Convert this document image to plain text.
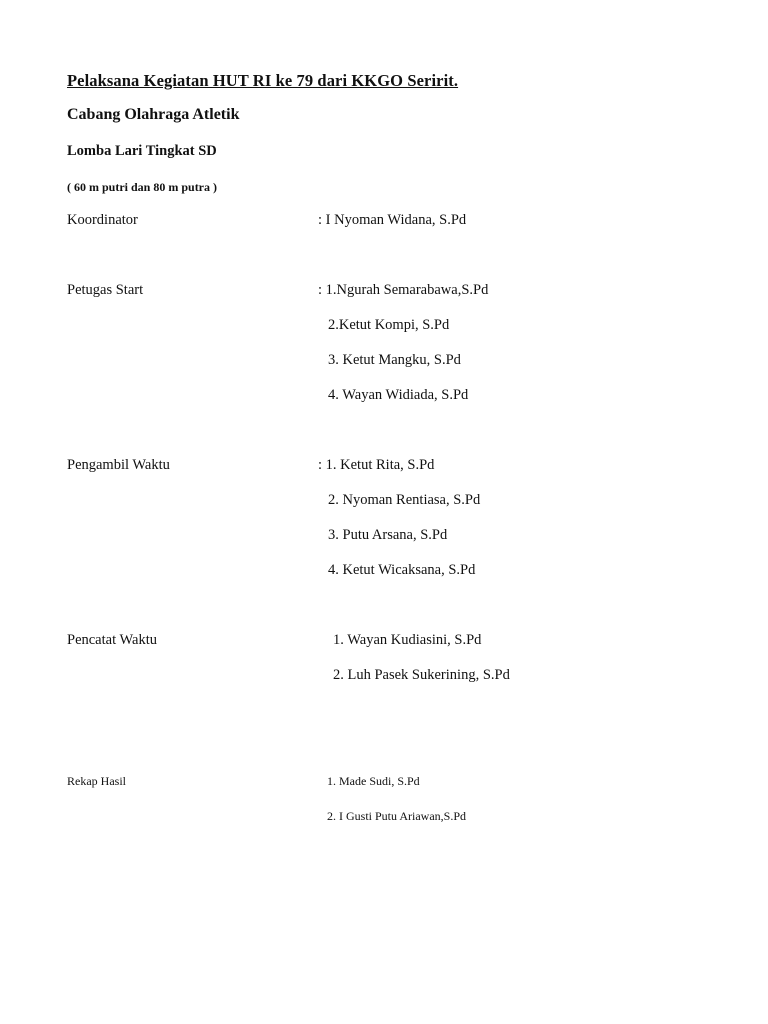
Pelaksana Kegiatan HUT RI ke 79 dari KKGO Seririt.
Cabang Olahraga Atletik
Lomba Lari Tingkat SD
( 60 m putri dan 80 m putra )
Koordinator	: I Nyoman Widana, S.Pd
Petugas Start	: 1.Ngurah Semarabawa,S.Pd
2.Ketut Kompi, S.Pd
3. Ketut Mangku, S.Pd
4. Wayan Widiada, S.Pd
Pengambil Waktu	: 1. Ketut Rita, S.Pd
2. Nyoman Rentiasa, S.Pd
3. Putu Arsana, S.Pd
4. Ketut Wicaksana, S.Pd
Pencatat Waktu	1. Wayan Kudiasini, S.Pd
2. Luh Pasek Sukerining, S.Pd
Rekap Hasil	1. Made Sudi, S.Pd
2. I Gusti Putu Ariawan,S.Pd
